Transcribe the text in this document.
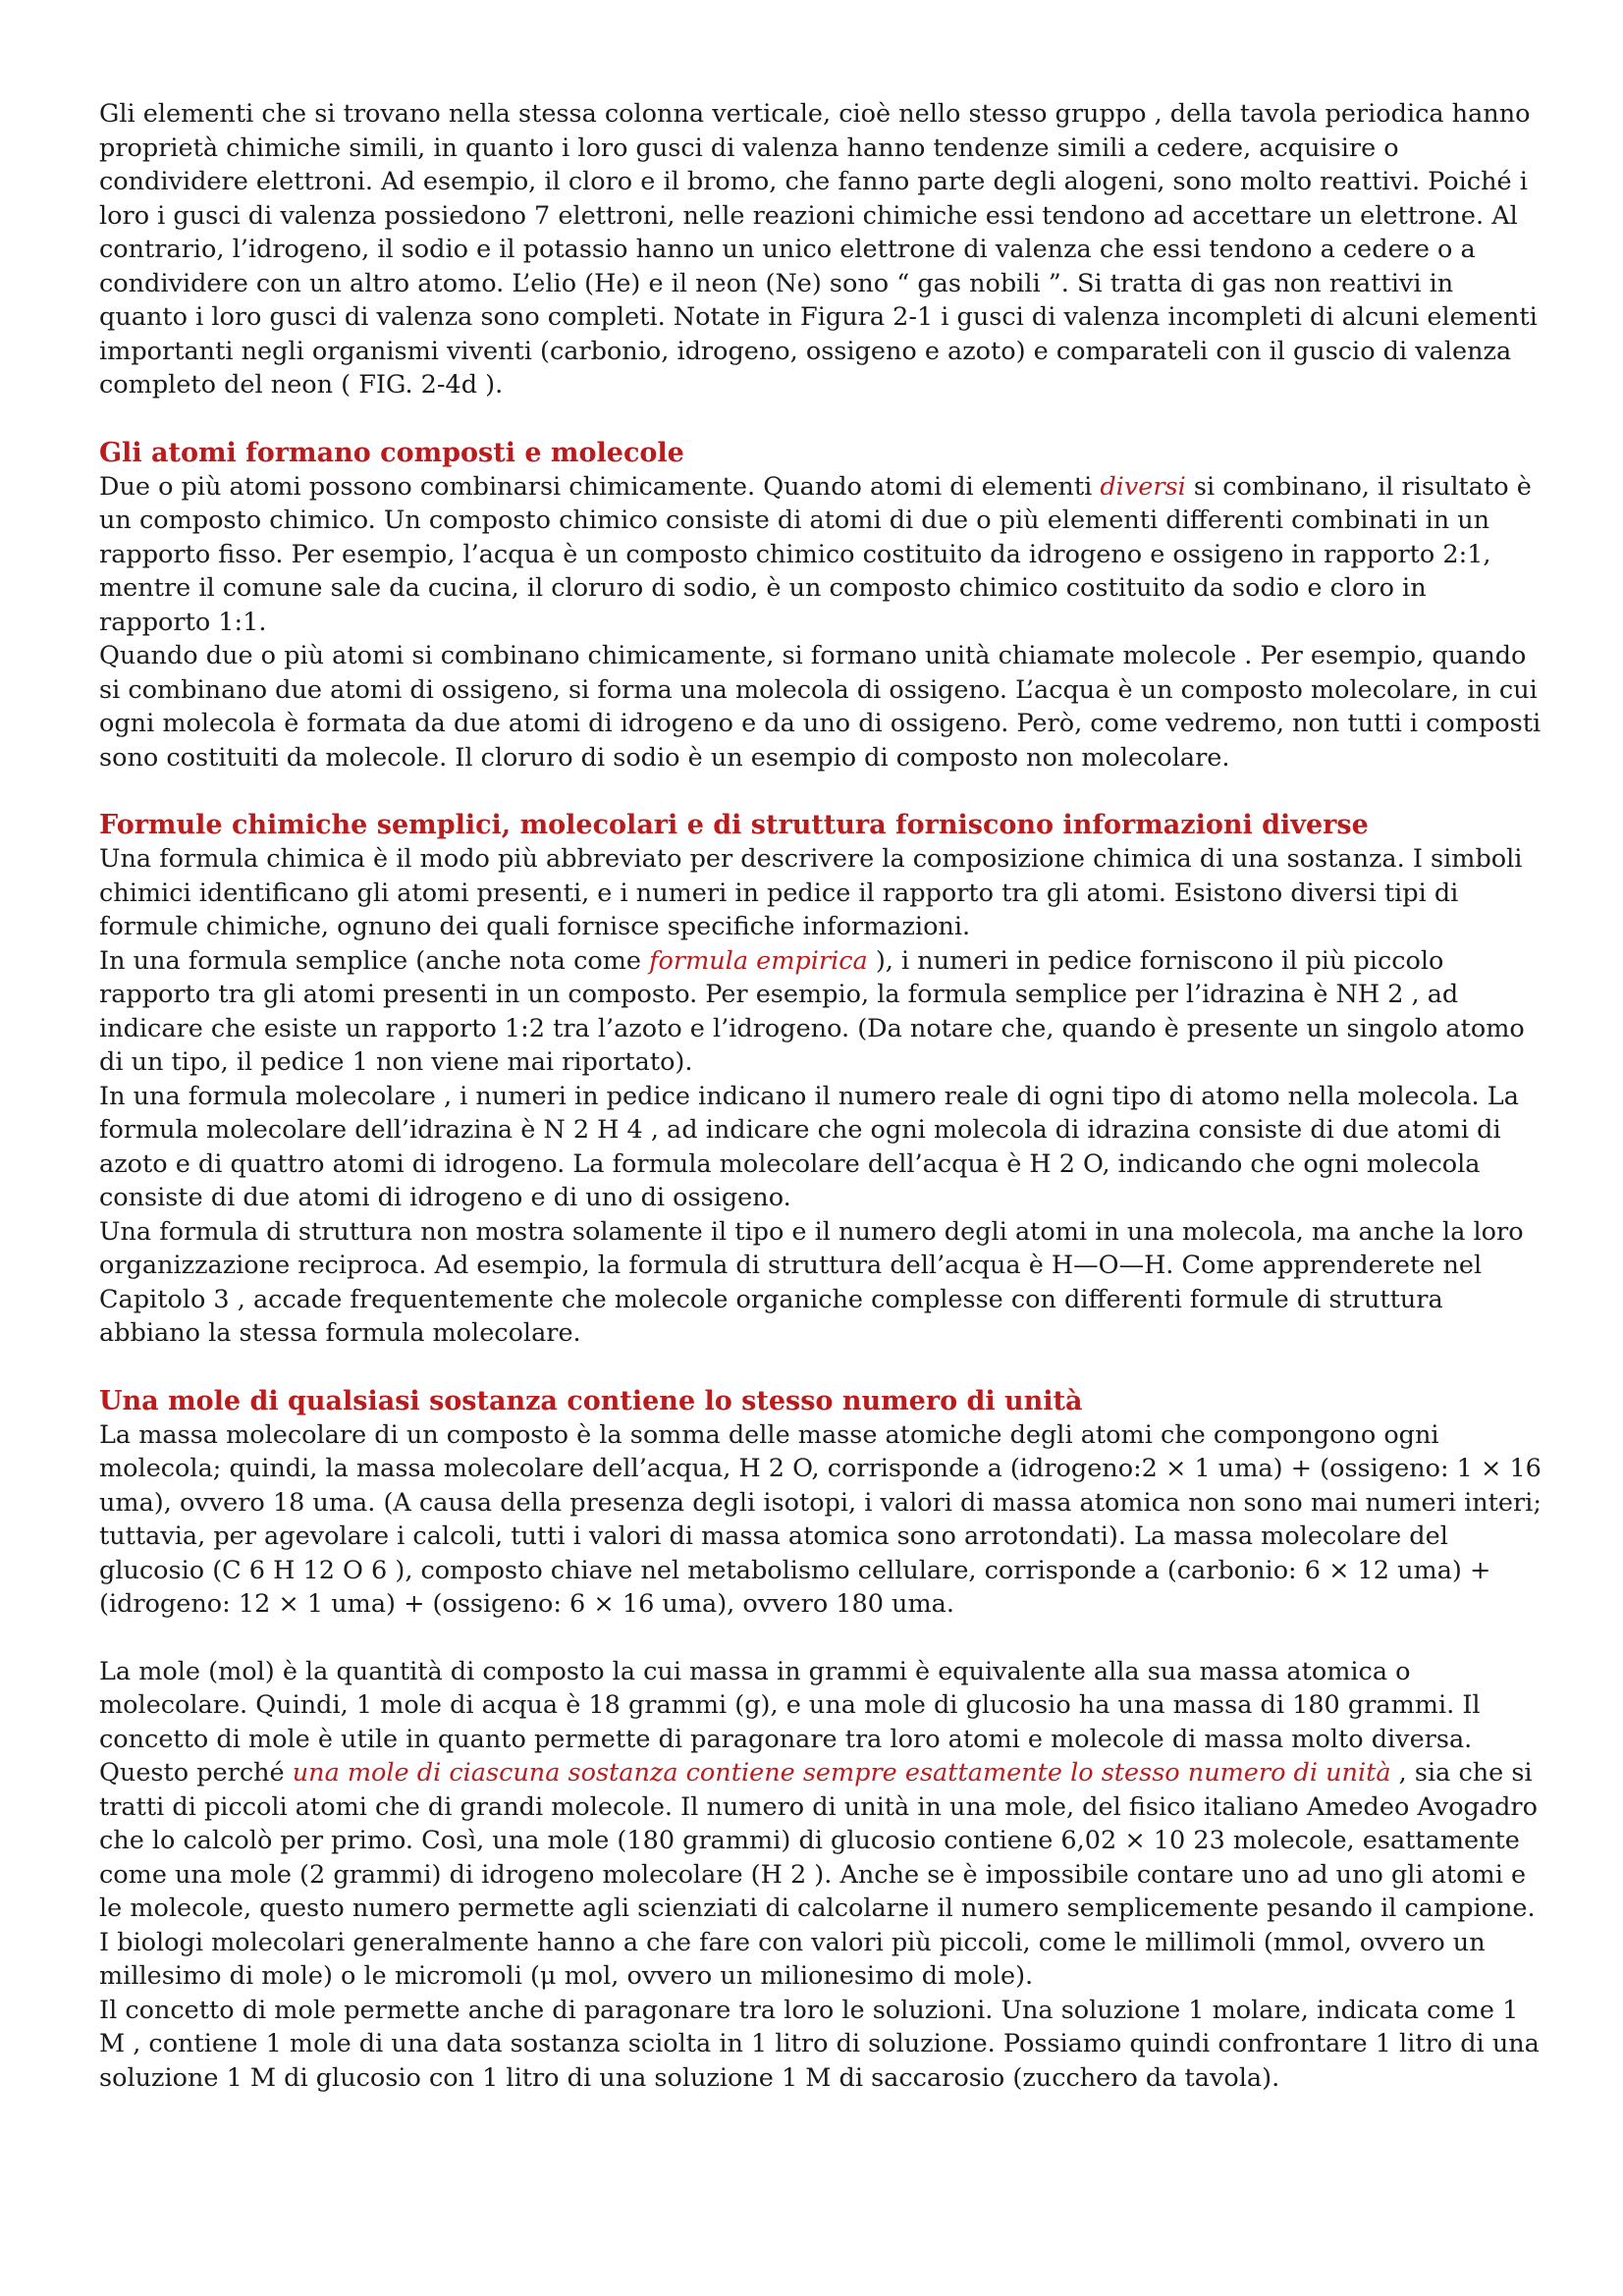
Gli elementi che si trovano nella stessa colonna verticale, cioè nello stesso gruppo , della tavola periodica hanno proprietà chimiche simili, in quanto i loro gusci di valenza hanno tendenze simili a cedere, acquisire o condividere elettroni. Ad esempio, il cloro e il bromo, che fanno parte degli alogeni, sono molto reattivi. Poiché i loro i gusci di valenza possiedono 7 elettroni, nelle reazioni chimiche essi tendono ad accettare un elettrone. Al contrario, l’idrogeno, il sodio e il potassio hanno un unico elettrone di valenza che essi tendono a cedere o a condividere con un altro atomo. L’elio (He) e il neon (Ne) sono “ gas nobili ”. Si tratta di gas non reattivi in quanto i loro gusci di valenza sono completi. Notate in Figura 2-1 i gusci di valenza incompleti di alcuni elementi importanti negli organismi viventi (carbonio, idrogeno, ossigeno e azoto) e comparateli con il guscio di valenza completo del neon ( FIG. 2-4d ).

Gli atomi formano composti e molecole

Due o più atomi possono combinarsi chimicamente. Quando atomi di elementi diversi si combinano, il risultato è un composto chimico. Un composto chimico consiste di atomi di due o più elementi differenti combinati in un rapporto fisso. Per esempio, l’acqua è un composto chimico costituito da idrogeno e ossigeno in rapporto 2:1, mentre il comune sale da cucina, il cloruro di sodio, è un composto chimico costituito da sodio e cloro in rapporto 1:1.

Quando due o più atomi si combinano chimicamente, si formano unità chiamate molecole . Per esempio, quando si combinano due atomi di ossigeno, si forma una molecola di ossigeno. L’acqua è un composto molecolare, in cui ogni molecola è formata da due atomi di idrogeno e da uno di ossigeno. Però, come vedremo, non tutti i composti sono costituiti da molecole. Il cloruro di sodio è un esempio di composto non molecolare.

Formule chimiche semplici, molecolari e di struttura forniscono informazioni diverse

Una formula chimica è il modo più abbreviato per descrivere la composizione chimica di una sostanza. I simboli chimici identificano gli atomi presenti, e i numeri in pedice il rapporto tra gli atomi. Esistono diversi tipi di formule chimiche, ognuno dei quali fornisce specifiche informazioni.

In una formula semplice (anche nota come formula empirica ), i numeri in pedice forniscono il più piccolo rapporto tra gli atomi presenti in un composto. Per esempio, la formula semplice per l’idrazina è NH 2 , ad indicare che esiste un rapporto 1:2 tra l’azoto e l’idrogeno. (Da notare che, quando è presente un singolo atomo di un tipo, il pedice 1 non viene mai riportato).

In una formula molecolare , i numeri in pedice indicano il numero reale di ogni tipo di atomo nella molecola. La formula molecolare dell’idrazina è N 2 H 4 , ad indicare che ogni molecola di idrazina consiste di due atomi di azoto e di quattro atomi di idrogeno. La formula molecolare dell’acqua è H 2 O, indicando che ogni molecola consiste di due atomi di idrogeno e di uno di ossigeno.

Una formula di struttura non mostra solamente il tipo e il numero degli atomi in una molecola, ma anche la loro organizzazione reciproca. Ad esempio, la formula di struttura dell’acqua è H—O—H. Come apprenderete nel Capitolo 3 , accade frequentemente che molecole organiche complesse con differenti formule di struttura abbiano la stessa formula molecolare.

Una mole di qualsiasi sostanza contiene lo stesso numero di unità

La massa molecolare di un composto è la somma delle masse atomiche degli atomi che compongono ogni molecola; quindi, la massa molecolare dell’acqua, H 2 O, corrisponde a (idrogeno:2 × 1 uma) + (ossigeno: 1 × 16 uma), ovvero 18 uma. (A causa della presenza degli isotopi, i valori di massa atomica non sono mai numeri interi; tuttavia, per agevolare i calcoli, tutti i valori di massa atomica sono arrotondati). La massa molecolare del glucosio (C 6 H 12 O 6 ), composto chiave nel metabolismo cellulare, corrisponde a (carbonio: 6 × 12 uma) + (idrogeno: 12 × 1 uma) + (ossigeno: 6 × 16 uma), ovvero 180 uma.

La mole (mol) è la quantità di composto la cui massa in grammi è equivalente alla sua massa atomica o molecolare. Quindi, 1 mole di acqua è 18 grammi (g), e una mole di glucosio ha una massa di 180 grammi. Il concetto di mole è utile in quanto permette di paragonare tra loro atomi e molecole di massa molto diversa. Questo perché una mole di ciascuna sostanza contiene sempre esattamente lo stesso numero di unità , sia che si tratti di piccoli atomi che di grandi molecole. Il numero di unità in una mole, del fisico italiano Amedeo Avogadro che lo calcolò per primo. Così, una mole (180 grammi) di glucosio contiene 6,02 × 10 23 molecole, esattamente come una mole (2 grammi) di idrogeno molecolare (H 2 ). Anche se è impossibile contare uno ad uno gli atomi e le molecole, questo numero permette agli scienziati di calcolarne il numero semplicemente pesando il campione. I biologi molecolari generalmente hanno a che fare con valori più piccoli, come le millimoli (mmol, ovvero un millesimo di mole) o le micromoli (μ mol, ovvero un milionesimo di mole).

Il concetto di mole permette anche di paragonare tra loro le soluzioni. Una soluzione 1 molare, indicata come 1 M , contiene 1 mole di una data sostanza sciolta in 1 litro di soluzione. Possiamo quindi confrontare 1 litro di una soluzione 1 M di glucosio con 1 litro di una soluzione 1 M di saccarosio (zucchero da tavola).
